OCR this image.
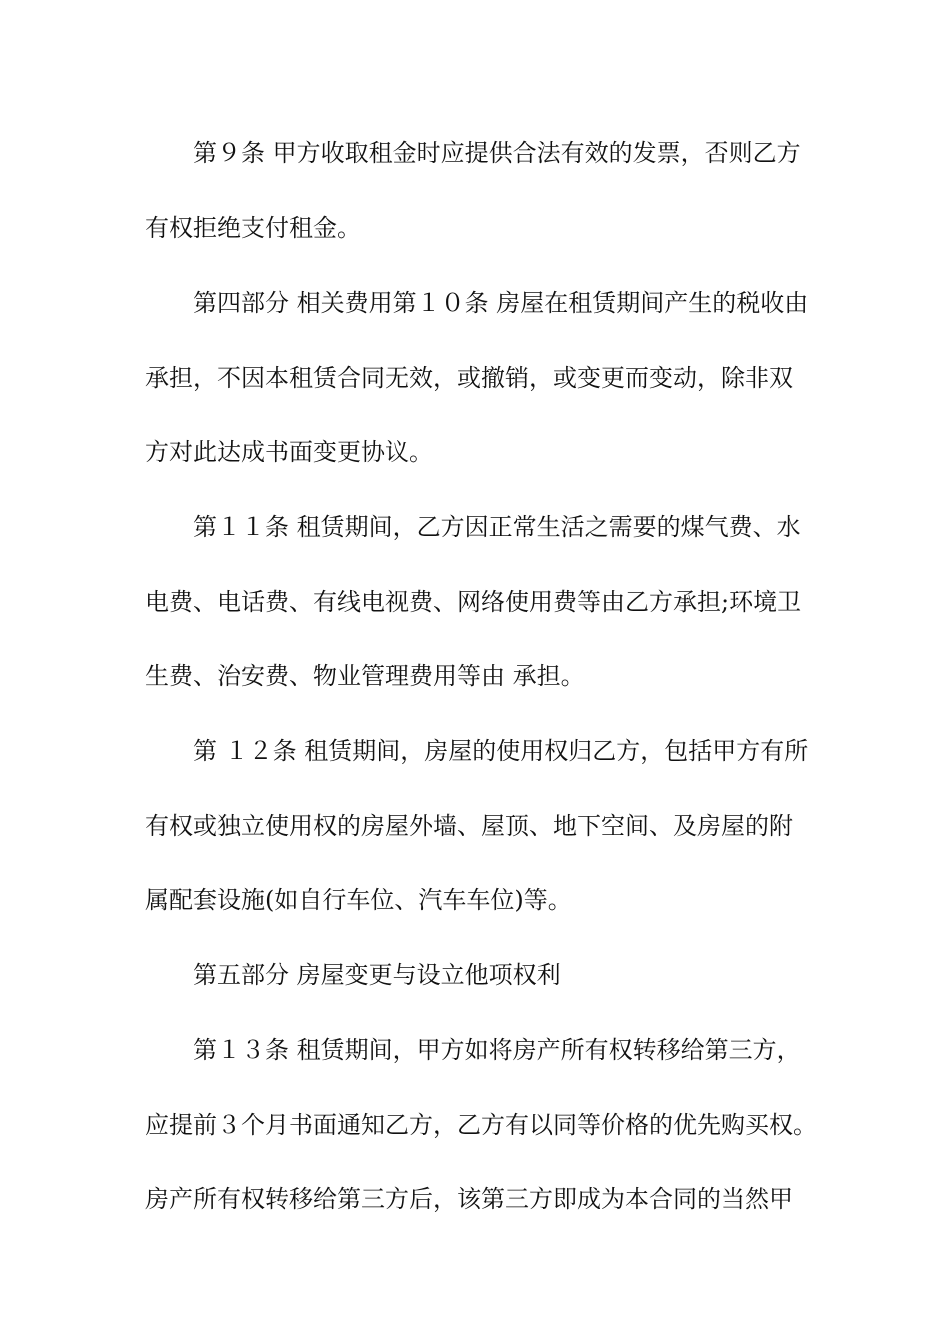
第９条 甲方收取租金时应提供合法有效的发票，否则乙方
有权拒绝支付租金。
第四部分 相关费用第１０条 房屋在租赁期间产生的税收由
承担，不因本租赁合同无效，或撤销，或变更而变动，除非双
方对此达成书面变更协议。
第１１条 租赁期间，乙方因正常生活之需要的煤气费、水
电费、电话费、有线电视费、网络使用费等由乙方承担;环境卫
生费、治安费、物业管理费用等由 承担。
第 １２条 租赁期间，房屋的使用权归乙方，包括甲方有所
有权或独立使用权的房屋外墙、屋顶、地下空间、及房屋的附
属配套设施(如自行车位、汽车车位)等。
第五部分 房屋变更与设立他项权利
第１３条 租赁期间，甲方如将房产所有权转移给第三方，
应提前３个月书面通知乙方，乙方有以同等价格的优先购买权。
房产所有权转移给第三方后，该第三方即成为本合同的当然甲
